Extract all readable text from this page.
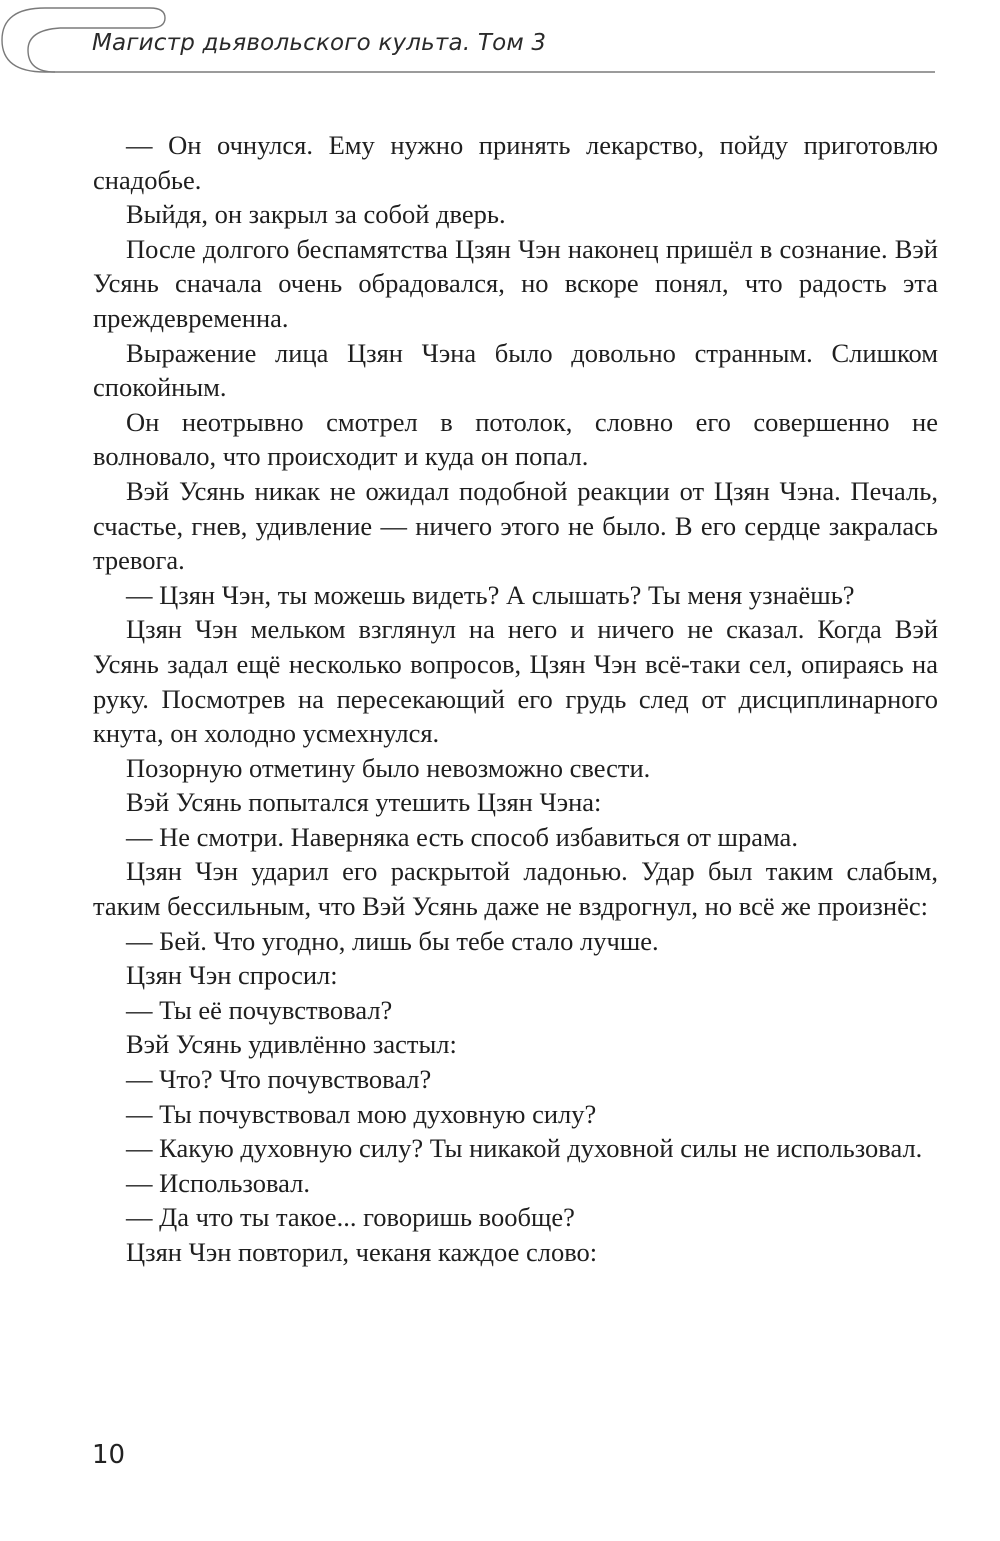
Магистр дьявольского культа. Том 3

— Он очнулся. Ему нужно принять лекарство, пойду приготовлю снадобье.

Выйдя, он закрыл за собой дверь.

После долгого беспамятства Цзян Чэн наконец пришёл в сознание. Вэй Усянь сначала очень обрадовался, но вскоре понял, что радость эта преждевременна.

Выражение лица Цзян Чэна было довольно странным. Слишком спокойным.

Он неотрывно смотрел в потолок, словно его совершенно не волновало, что происходит и куда он попал.

Вэй Усянь никак не ожидал подобной реакции от Цзян Чэна. Печаль, счастье, гнев, удивление — ничего этого не было. В его сердце закралась тревога.

— Цзян Чэн, ты можешь видеть? А слышать? Ты меня узнаёшь?

Цзян Чэн мельком взглянул на него и ничего не сказал. Когда Вэй Усянь задал ещё несколько вопросов, Цзян Чэн всё-таки сел, опираясь на руку. Посмотрев на пересекающий его грудь след от дисциплинарного кнута, он холодно усмехнулся.

Позорную отметину было невозможно свести.

Вэй Усянь попытался утешить Цзян Чэна:

— Не смотри. Наверняка есть способ избавиться от шрама.

Цзян Чэн ударил его раскрытой ладонью. Удар был таким слабым, таким бессильным, что Вэй Усянь даже не вздрогнул, но всё же произнёс:

— Бей. Что угодно, лишь бы тебе стало лучше.

Цзян Чэн спросил:

— Ты её почувствовал?

Вэй Усянь удивлённо застыл:

— Что? Что почувствовал?

— Ты почувствовал мою духовную силу?

— Какую духовную силу? Ты никакой духовной силы не использовал.

— Использовал.

— Да что ты такое... говоришь вообще?

Цзян Чэн повторил, чеканя каждое слово:

10
